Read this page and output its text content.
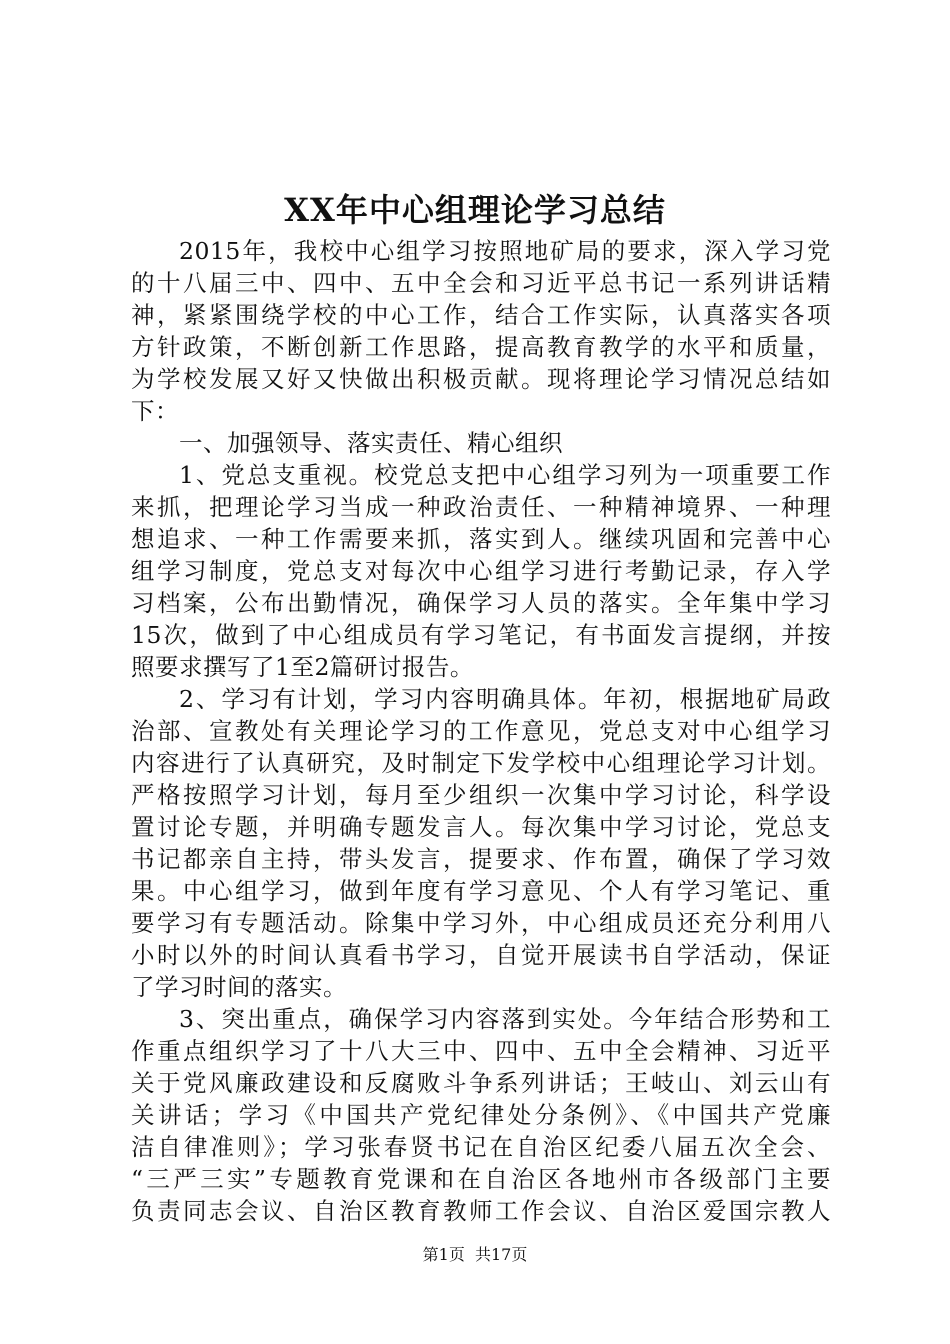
XX年中心组理论学习总结
2015年，我校中心组学习按照地矿局的要求，深入学习党
的十八届三中、四中、五中全会和习近平总书记一系列讲话精
神，紧紧围绕学校的中心工作，结合工作实际，认真落实各项
方针政策，不断创新工作思路，提高教育教学的水平和质量，
为学校发展又好又快做出积极贡献。现将理论学习情况总结如
下：
一、加强领导、落实责任、精心组织
1、党总支重视。校党总支把中心组学习列为一项重要工作
来抓，把理论学习当成一种政治责任、一种精神境界、一种理
想追求、一种工作需要来抓，落实到人。继续巩固和完善中心
组学习制度，党总支对每次中心组学习进行考勤记录，存入学
习档案，公布出勤情况，确保学习人员的落实。全年集中学习
15次，做到了中心组成员有学习笔记，有书面发言提纲，并按
照要求撰写了1至2篇研讨报告。
2、学习有计划，学习内容明确具体。年初，根据地矿局政
治部、宣教处有关理论学习的工作意见，党总支对中心组学习
内容进行了认真研究，及时制定下发学校中心组理论学习计划。
严格按照学习计划，每月至少组织一次集中学习讨论，科学设
置讨论专题，并明确专题发言人。每次集中学习讨论，党总支
书记都亲自主持，带头发言，提要求、作布置，确保了学习效
果。中心组学习，做到年度有学习意见、个人有学习笔记、重
要学习有专题活动。除集中学习外，中心组成员还充分利用八
小时以外的时间认真看书学习，自觉开展读书自学活动，保证
了学习时间的落实。
3、突出重点，确保学习内容落到实处。今年结合形势和工
作重点组织学习了十八大三中、四中、五中全会精神、习近平
关于党风廉政建设和反腐败斗争系列讲话；王岐山、刘云山有
关讲话；学习《中国共产党纪律处分条例》、《中国共产党廉
洁自律准则》；学习张春贤书记在自治区纪委八届五次全会、
“三严三实”专题教育党课和在自治区各地州市各级部门主要
负责同志会议、自治区教育教师工作会议、自治区爱国宗教人
第1页  共17页
